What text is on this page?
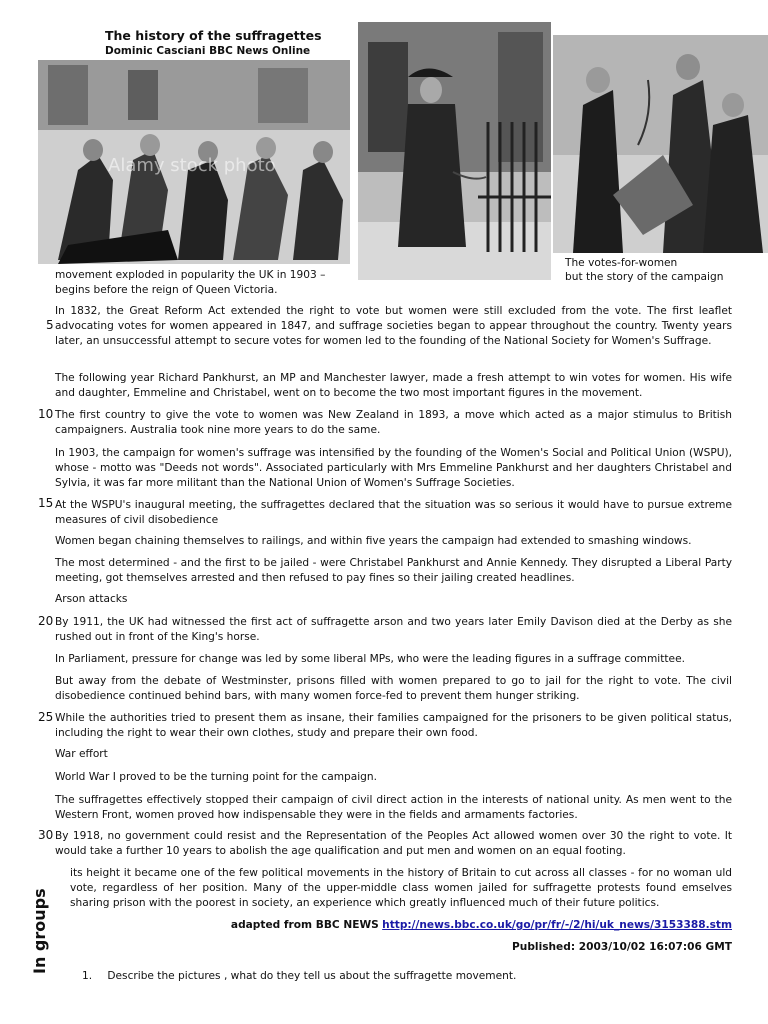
The history of the suffragettes
Dominic Casciani BBC News Online
Alamy stock photo
The votes-for-women
but the story of the campaign
movement exploded in popularity the UK in 1903 –
begins before the reign of Queen Victoria.
In 1832, the Great Reform Act extended the right to vote but women were still excluded from the vote. The first leaflet advocating votes for women appeared in 1847, and suffrage societies began to appear throughout the country. Twenty years later, an unsuccessful attempt to secure votes for women led to the founding of the National Society for Women's Suffrage.
The following year Richard Pankhurst, an MP and Manchester lawyer, made a fresh attempt to win votes for women. His wife and daughter, Emmeline and Christabel, went on to become the two most important figures in the movement.
The first country to give the vote to women was New Zealand in 1893, a move which acted as a major stimulus to British campaigners. Australia took nine more years to do the same.
In 1903, the campaign for women's suffrage was intensified by the founding of the Women's Social and Political Union (WSPU), whose - motto was "Deeds not words". Associated particularly with Mrs Emmeline Pankhurst and her daughters Christabel and Sylvia, it was far more militant than the National Union of Women's Suffrage Societies.
At the WSPU's inaugural meeting, the suffragettes declared that the situation was so serious it would have to pursue extreme measures of civil disobedience
Women began chaining themselves to railings, and within five years the campaign had extended to smashing windows.
The most determined - and the first to be jailed - were Christabel Pankhurst and Annie Kennedy. They disrupted a Liberal Party meeting, got themselves arrested and then refused to pay fines so their jailing created headlines.
Arson attacks
By 1911, the UK had witnessed the first act of suffragette arson and two years later Emily Davison died at the Derby as she rushed out in front of the King's horse.
In Parliament, pressure for change was led by some liberal MPs, who were the leading figures in a suffrage committee.
But away from the debate of Westminster, prisons filled with women prepared to go to jail for the right to vote. The civil disobedience continued behind bars, with many women force-fed to prevent them hunger striking.
While the authorities tried to present them as insane, their families campaigned for the prisoners to be given political status, including the right to wear their own clothes, study and prepare their own food.
War effort
World War I proved to be the turning point for the campaign.
The suffragettes effectively stopped their campaign of civil direct action in the interests of national unity. As men went to the Western Front, women proved how indispensable they were in the fields and armaments factories.
By 1918, no government could resist and the Representation of the Peoples Act allowed women over 30 the right to vote. It would take a further 10 years to abolish the age qualification and put men and women on an equal footing.
its height it became one of the few political movements in the history of Britain to cut across all classes - for no woman uld vote, regardless of her position. Many of the upper-middle class women jailed for suffragette protests found emselves sharing prison with the poorest in society, an experience which greatly influenced much of their future politics.
5
10
15
20
25
30
adapted from BBC NEWS http://news.bbc.co.uk/go/pr/fr/-/2/hi/uk_news/3153388.stm
Published: 2003/10/02 16:07:06 GMT
In groups
1. Describe the pictures , what do they tell us about the suffragette movement.
